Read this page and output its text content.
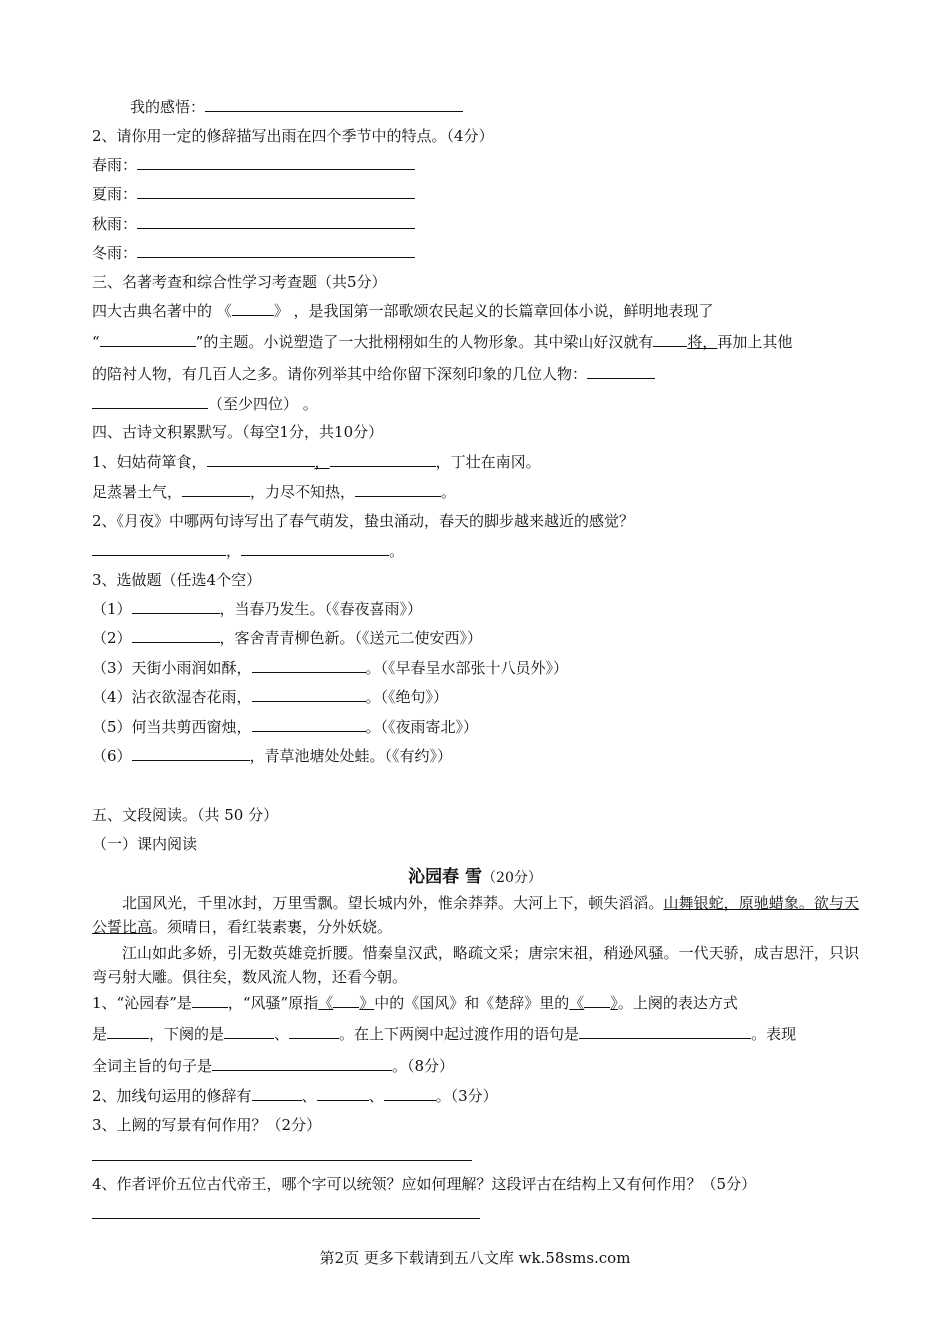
我的感悟：
2、请你用一定的修辞描写出雨在四个季节中的特点。（4分）
春雨：
夏雨：
秋雨：
冬雨：
三、名著考查和综合性学习考查题（共5分）
四大古典名著中的 《	》 ，是我国第一部歌颂农民起义的长篇章回体小说，鲜明地表现了
“	”的主题。小说塑造了一大批栩栩如生的人物形象。其中梁山好汉就有 将，再加上其他
的陪衬人物，有几百人之多。请你列举其中给你留下深刻印象的几位人物：
（至少四位） 。
四、古诗文积累默写。（每空1分，共10分）
1、妇姑荷箪食，	，	，丁壮在南冈。
足蒸暑土气，	，力尽不知热，	。
2、《月夜》中哪两句诗写出了春气萌发，蛰虫涌动，春天的脚步越来越近的感觉？
，	。
3、选做题（任选4个空）
（1）	，当春乃发生。（《春夜喜雨》）
（2）	，客舍青青柳色新。（《送元二使安西》）
（3）天街小雨润如酥，	。（《早春呈水部张十八员外》）
（4）沾衣欲湿杏花雨，	。（《绝句》）
（5）何当共剪西窗烛，	。（《夜雨寄北》）
（6）	，青草池塘处处蛙。（《有约》）
五、文段阅读。（共 50 分）
（一）课内阅读
沁园春 雪（20分）
北国风光，千里冰封，万里雪飘。望长城内外，惟余莽莽。大河上下，顿失滔滔。山舞银蛇，原驰蜡象。欲与天公誓比高。须晴日，看红装素裹，分外妖娆。
江山如此多娇，引无数英雄竞折腰。惜秦皇汉武，略疏文采；唐宗宋祖，稍逊风骚。一代天骄，成吉思汗，只识弯弓射大雕。俱往矣，数风流人物，还看今朝。
1、“沁园春”是 ，“风骚”原指《 》中的《国风》和《楚辞》里的《 》。上阕的表达方式
是	，下阕的是	、	。在上下两阕中起过渡作用的语句是	。表现
全词主旨的句子是	。（8分）
2、加线句运用的修辞有	、	、	。（3分）
3、上阙的写景有何作用？（2分）
4、作者评价五位古代帝王，哪个字可以统领？应如何理解？这段评古在结构上又有何作用？（5分）
第2页 更多下载请到五八文库 wk.58sms.com
